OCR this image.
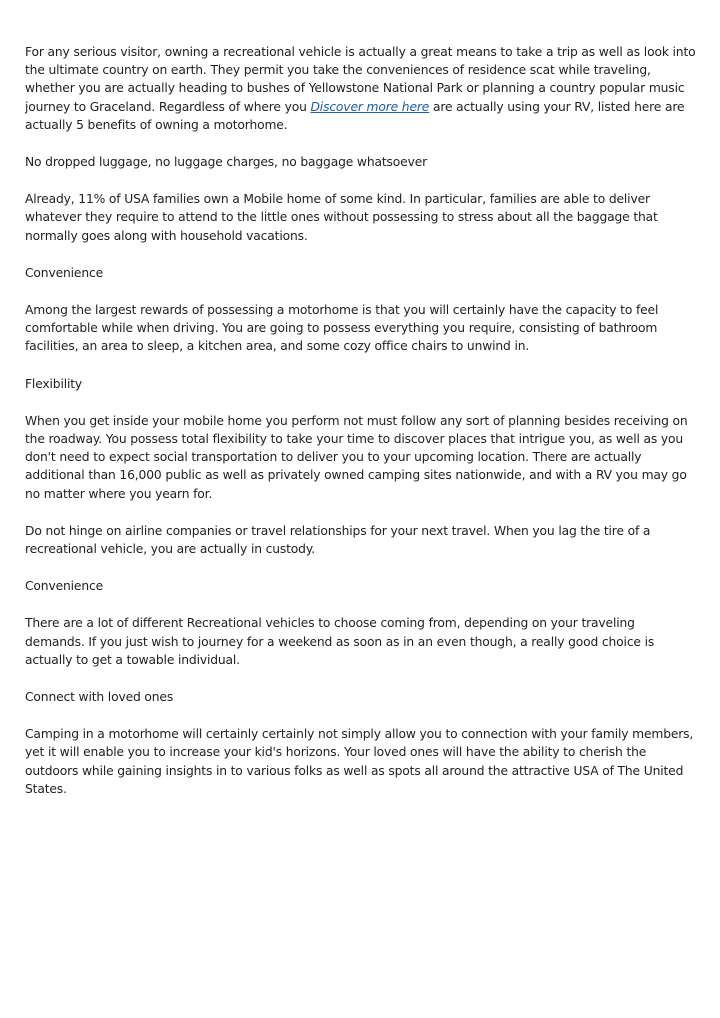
For any serious visitor, owning a recreational vehicle is actually a great means to take a trip as well as look into the ultimate country on earth. They permit you take the conveniences of residence scat while traveling, whether you are actually heading to bushes of Yellowstone National Park or planning a country popular music journey to Graceland. Regardless of where you Discover more here are actually using your RV, listed here are actually 5 benefits of owning a motorhome.

No dropped luggage, no luggage charges, no baggage whatsoever

Already, 11% of USA families own a Mobile home of some kind. In particular, families are able to deliver whatever they require to attend to the little ones without possessing to stress about all the baggage that normally goes along with household vacations.

Convenience

Among the largest rewards of possessing a motorhome is that you will certainly have the capacity to feel comfortable while when driving. You are going to possess everything you require, consisting of bathroom facilities, an area to sleep, a kitchen area, and some cozy office chairs to unwind in.

Flexibility

When you get inside your mobile home you perform not must follow any sort of planning besides receiving on the roadway. You possess total flexibility to take your time to discover places that intrigue you, as well as you don't need to expect social transportation to deliver you to your upcoming location. There are actually additional than 16,000 public as well as privately owned camping sites nationwide, and with a RV you may go no matter where you yearn for.

Do not hinge on airline companies or travel relationships for your next travel. When you lag the tire of a recreational vehicle, you are actually in custody.

Convenience

There are a lot of different Recreational vehicles to choose coming from, depending on your traveling demands. If you just wish to journey for a weekend as soon as in an even though, a really good choice is actually to get a towable individual.

Connect with loved ones

Camping in a motorhome will certainly certainly not simply allow you to connection with your family members, yet it will enable you to increase your kid's horizons. Your loved ones will have the ability to cherish the outdoors while gaining insights in to various folks as well as spots all around the attractive USA of The United States.
